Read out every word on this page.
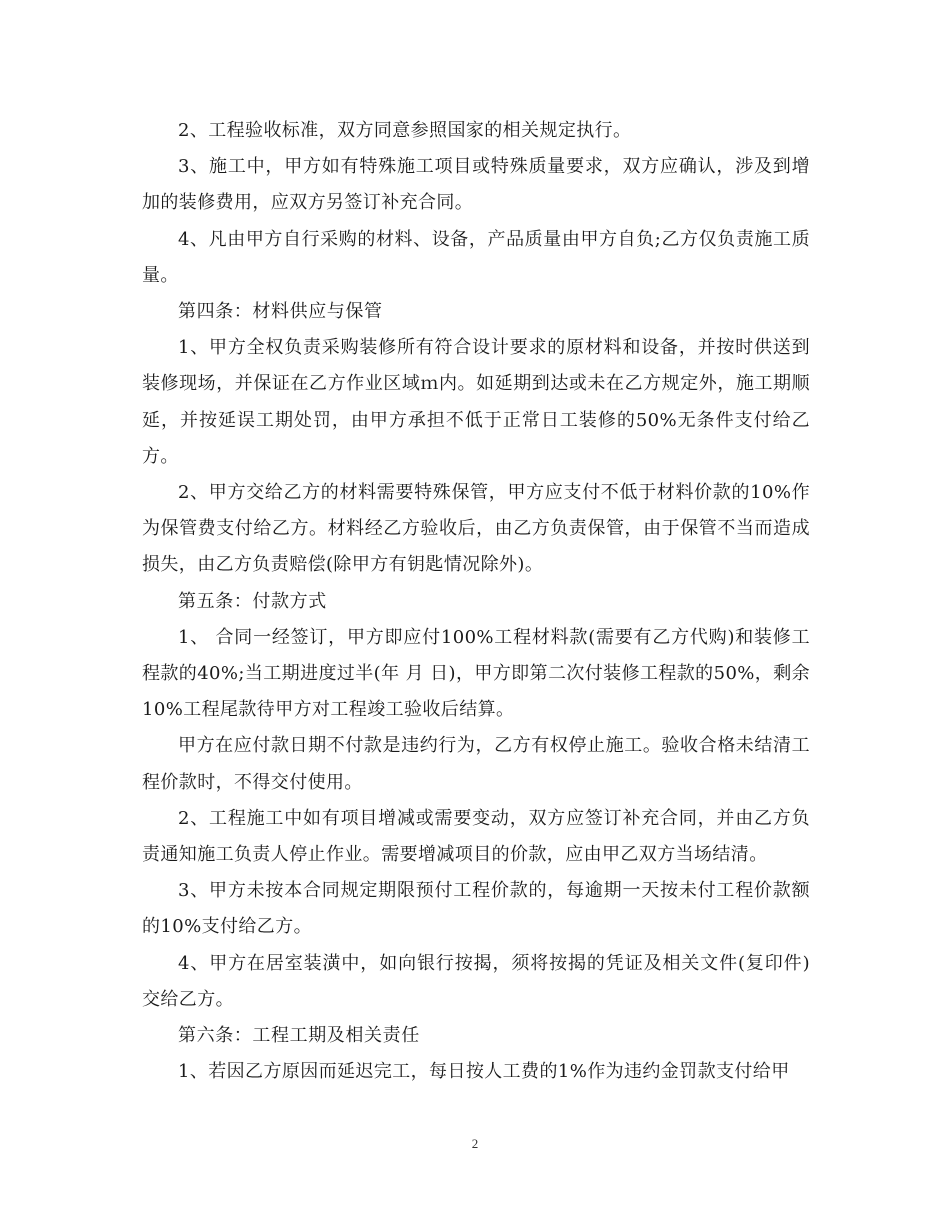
2、工程验收标准，双方同意参照国家的相关规定执行。

3、施工中，甲方如有特殊施工项目或特殊质量要求，双方应确认，涉及到增加的装修费用，应双方另签订补充合同。

4、凡由甲方自行采购的材料、设备，产品质量由甲方自负;乙方仅负责施工质量。

第四条：材料供应与保管

1、甲方全权负责采购装修所有符合设计要求的原材料和设备，并按时供送到装修现场，并保证在乙方作业区域ｍ内。如延期到达或未在乙方规定外，施工期顺延，并按延误工期处罚，由甲方承担不低于正常日工装修的50%无条件支付给乙方。

2、甲方交给乙方的材料需要特殊保管，甲方应支付不低于材料价款的10%作为保管费支付给乙方。材料经乙方验收后，由乙方负责保管，由于保管不当而造成损失，由乙方负责赔偿(除甲方有钥匙情况除外)。

第五条：付款方式

1、 合同一经签订，甲方即应付100%工程材料款(需要有乙方代购)和装修工程款的40%;当工期进度过半(年 月 日)，甲方即第二次付装修工程款的50%，剩余10%工程尾款待甲方对工程竣工验收后结算。

甲方在应付款日期不付款是违约行为，乙方有权停止施工。验收合格未结清工程价款时，不得交付使用。

2、工程施工中如有项目增减或需要变动，双方应签订补充合同，并由乙方负责通知施工负责人停止作业。需要增减项目的价款，应由甲乙双方当场结清。

3、甲方未按本合同规定期限预付工程价款的，每逾期一天按未付工程价款额的10%支付给乙方。

4、甲方在居室装潢中，如向银行按揭，须将按揭的凭证及相关文件(复印件)交给乙方。

第六条：工程工期及相关责任

1、若因乙方原因而延迟完工，每日按人工费的1%作为违约金罚款支付给甲

2
